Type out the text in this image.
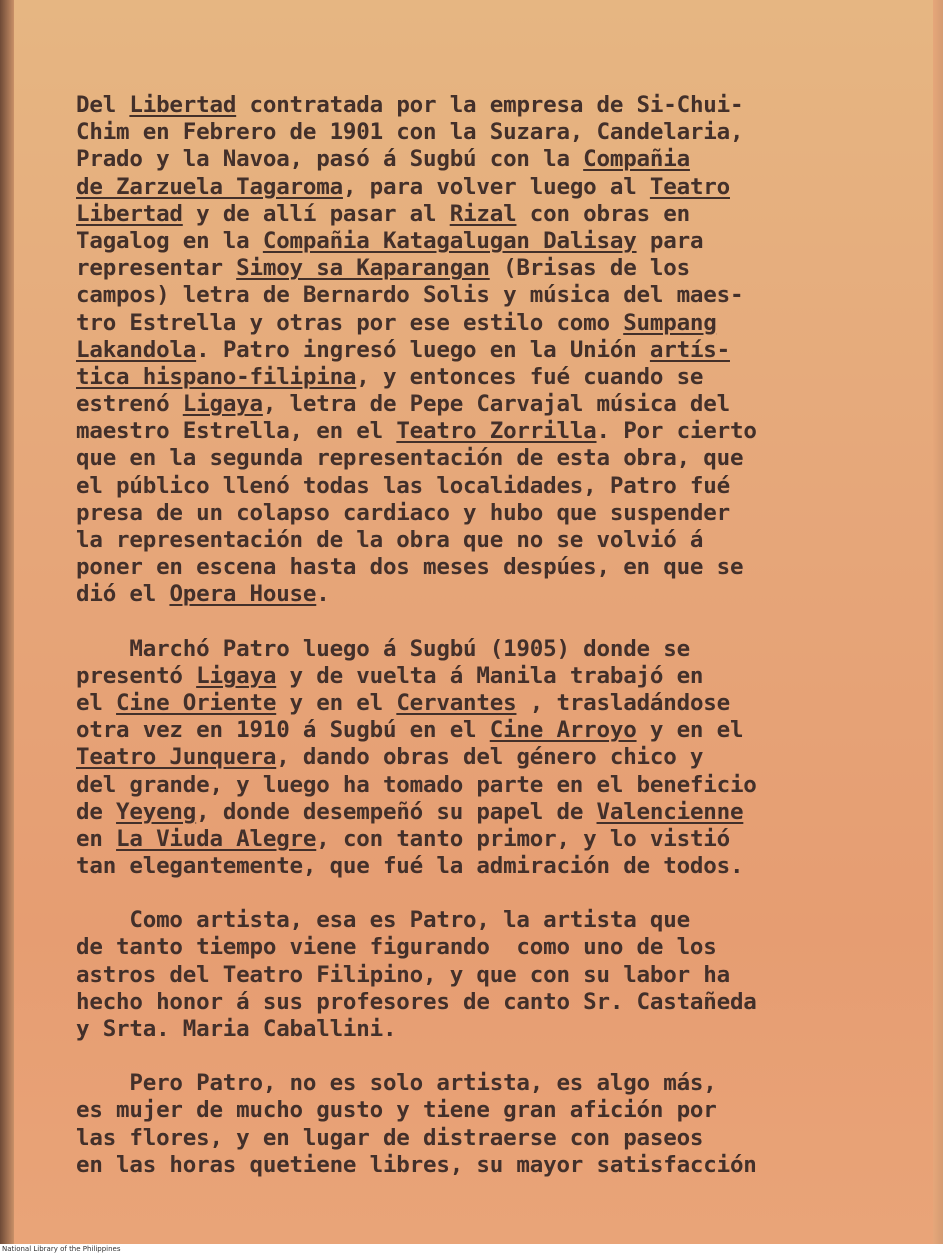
Del Libertad contratada por la empresa de Si-Chui-
Chim en Febrero de 1901 con la Suzara, Candelaria,
Prado y la Navoa, pasó á Sugbú con la Compañia
de Zarzuela Tagaroma, para volver luego al Teatro
Libertad y de allí pasar al Rizal con obras en
Tagalog en la Compañia Katagalugan Dalisay para
representar Simoy sa Kaparangan (Brisas de los
campos) letra de Bernardo Solis y música del maes-
tro Estrella y otras por ese estilo como Sumpang
Lakandola. Patro ingresó luego en la Unión artís-
tica hispano-filipina, y entonces fué cuando se
estrenó Ligaya, letra de Pepe Carvajal música del
maestro Estrella, en el Teatro Zorrilla. Por cierto
que en la segunda representación de esta obra, que
el público llenó todas las localidades, Patro fué
presa de un colapso cardiaco y hubo que suspender
la representación de la obra que no se volvió á
poner en escena hasta dos meses despúes, en que se
dió el Opera House.
Marchó Patro luego á Sugbú (1905) donde se
presentó Ligaya y de vuelta á Manila trabajó en
el Cine Oriente y en el Cervantes , trasladándose
otra vez en 1910 á Sugbú en el Cine Arroyo y en el
Teatro Junquera, dando obras del género chico y
del grande, y luego ha tomado parte en el beneficio
de Yeyeng, donde desempeñó su papel de Valencienne
en La Viuda Alegre, con tanto primor, y lo vistió
tan elegantemente, que fué la admiración de todos.
Como artista, esa es Patro, la artista que
de tanto tiempo viene figurando  como uno de los
astros del Teatro Filipino, y que con su labor ha
hecho honor á sus profesores de canto Sr. Castañeda
y Srta. Maria Caballini.
Pero Patro, no es solo artista, es algo más,
es mujer de mucho gusto y tiene gran afición por
las flores, y en lugar de distraerse con paseos
en las horas quetiene libres, su mayor satisfacción
National Library of the Philippines
